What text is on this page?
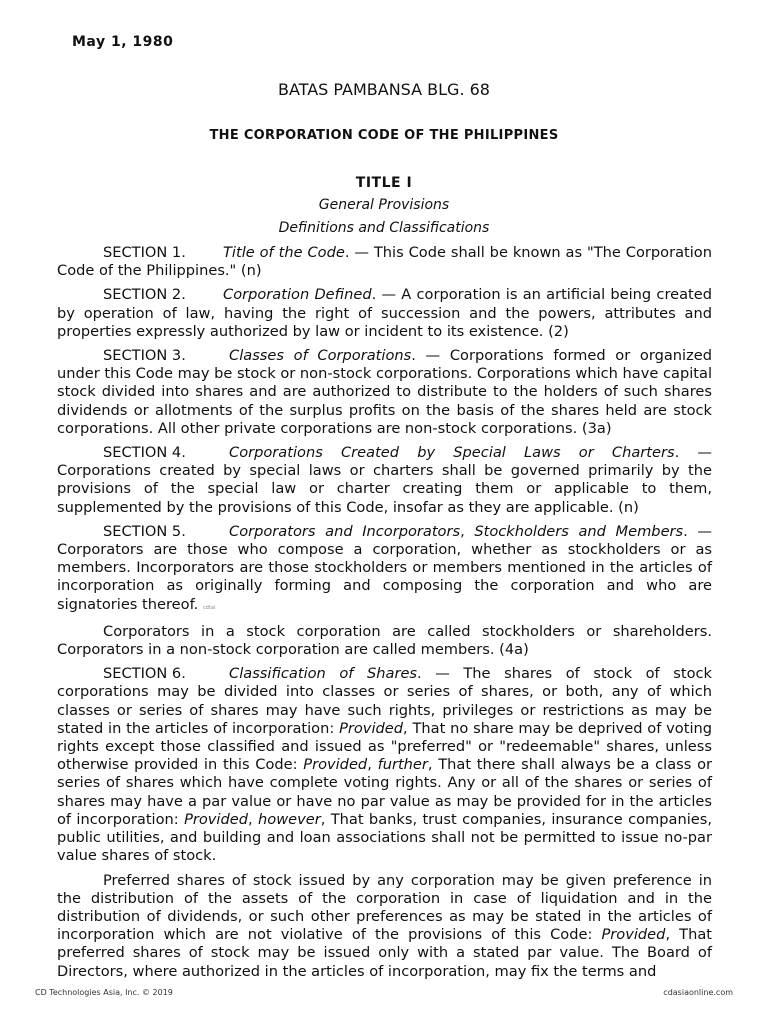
May 1, 1980
BATAS PAMBANSA BLG. 68
THE CORPORATION CODE OF THE PHILIPPINES
TITLE I
General Provisions
Definitions and Classifications

SECTION 1.	Title of the Code. — This Code shall be known as "The Corporation Code of the Philippines." (n)

SECTION 2.	Corporation Defined. — A corporation is an artificial being created by operation of law, having the right of succession and the powers, attributes and properties expressly authorized by law or incident to its existence. (2)

SECTION 3.	Classes of Corporations. — Corporations formed or organized under this Code may be stock or non-stock corporations. Corporations which have capital stock divided into shares and are authorized to distribute to the holders of such shares dividends or allotments of the surplus profits on the basis of the shares held are stock corporations. All other private corporations are non-stock corporations. (3a)

SECTION 4.	Corporations Created by Special Laws or Charters. — Corporations created by special laws or charters shall be governed primarily by the provisions of the special law or charter creating them or applicable to them, supplemented by the provisions of this Code, insofar as they are applicable. (n)

SECTION 5.	Corporators and Incorporators, Stockholders and Members. — Corporators are those who compose a corporation, whether as stockholders or as members. Incorporators are those stockholders or members mentioned in the articles of incorporation as originally forming and composing the corporation and who are signatories thereof. cdtai

Corporators in a stock corporation are called stockholders or shareholders. Corporators in a non-stock corporation are called members. (4a)

SECTION 6.	Classification of Shares. — The shares of stock of stock corporations may be divided into classes or series of shares, or both, any of which classes or series of shares may have such rights, privileges or restrictions as may be stated in the articles of incorporation: Provided, That no share may be deprived of voting rights except those classified and issued as "preferred" or "redeemable" shares, unless otherwise provided in this Code: Provided, further, That there shall always be a class or series of shares which have complete voting rights. Any or all of the shares or series of shares may have a par value or have no par value as may be provided for in the articles of incorporation: Provided, however, That banks, trust companies, insurance companies, public utilities, and building and loan associations shall not be permitted to issue no-par value shares of stock.

Preferred shares of stock issued by any corporation may be given preference in the distribution of the assets of the corporation in case of liquidation and in the distribution of dividends, or such other preferences as may be stated in the articles of incorporation which are not violative of the provisions of this Code: Provided, That preferred shares of stock may be issued only with a stated par value. The Board of Directors, where authorized in the articles of incorporation, may fix the terms and

CD Technologies Asia, Inc. © 2019	cdasiaonline.com
